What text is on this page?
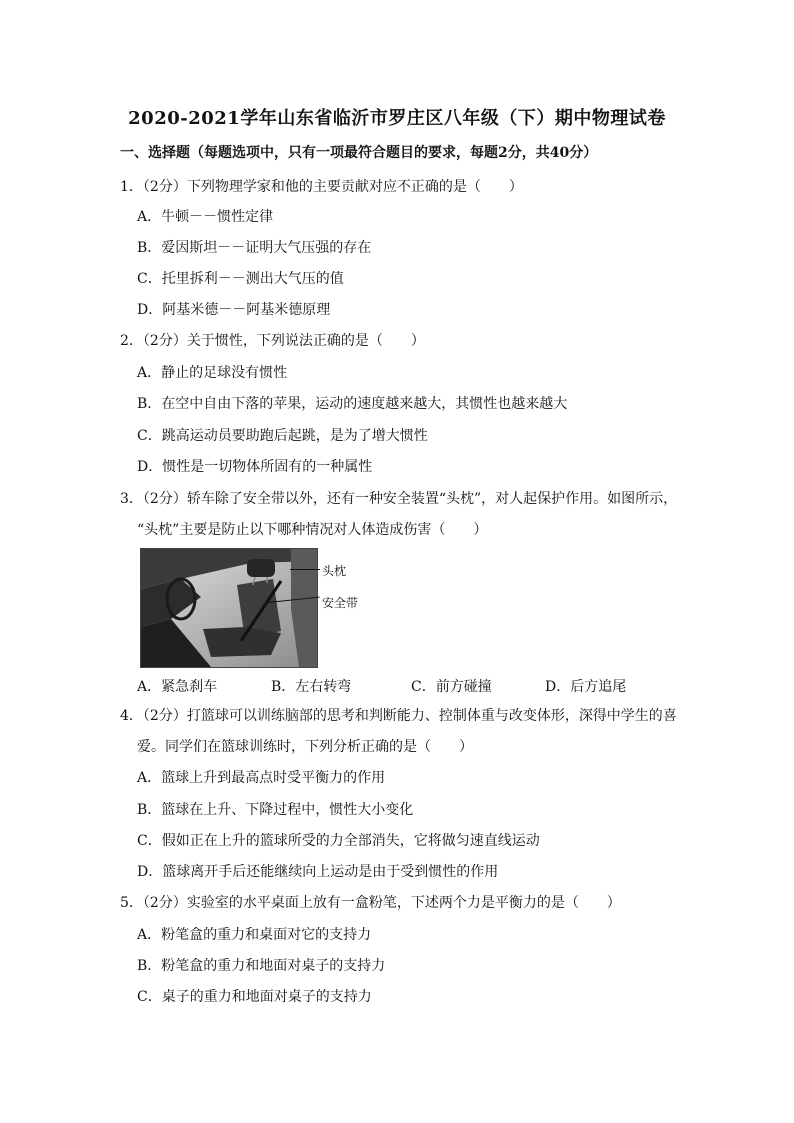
2020-2021学年山东省临沂市罗庄区八年级（下）期中物理试卷

一、选择题（每题选项中，只有一项最符合题目的要求，每题2分，共40分）

1．（2分）下列物理学家和他的主要贡献对应不正确的是（　　）

A．牛顿－－惯性定律

B．爱因斯坦－－证明大气压强的存在

C．托里拆利－－测出大气压的值

D．阿基米德－－阿基米德原理

2．（2分）关于惯性，下列说法正确的是（　　）

A．静止的足球没有惯性

B．在空中自由下落的苹果，运动的速度越来越大，其惯性也越来越大

C．跳高运动员要助跑后起跳，是为了增大惯性

D．惯性是一切物体所固有的一种属性

3．（2分）轿车除了安全带以外，还有一种安全装置“头枕”，对人起保护作用。如图所示，

“头枕”主要是防止以下哪种情况对人体造成伤害（　　）

头枕
安全带
A．紧急刹车	B．左右转弯	C．前方碰撞	D．后方追尾

4．（2分）打篮球可以训练脑部的思考和判断能力、控制体重与改变体形，深得中学生的喜

爱。同学们在篮球训练时，下列分析正确的是（　　）

A．篮球上升到最高点时受平衡力的作用

B．篮球在上升、下降过程中，惯性大小变化

C．假如正在上升的篮球所受的力全部消失，它将做匀速直线运动

D．篮球离开手后还能继续向上运动是由于受到惯性的作用

5．（2分）实验室的水平桌面上放有一盒粉笔，下述两个力是平衡力的是（　　）

A．粉笔盒的重力和桌面对它的支持力

B．粉笔盒的重力和地面对桌子的支持力

C．桌子的重力和地面对桌子的支持力
